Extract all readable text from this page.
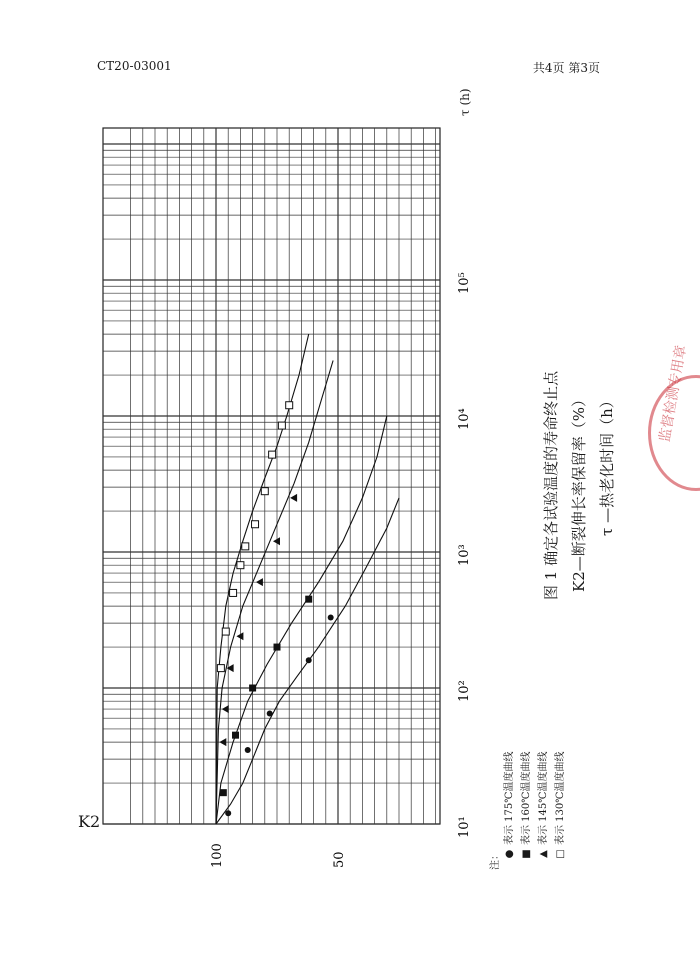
CT20-03001	共4页 第3页
10¹
10²
10³
10⁴
10⁵
100	50
K2
τ (h)
图 1 确定各试验温度的寿命终止点 K2—断裂伸长率保留率（%） τ —热老化时间（h）
注： ●表示 175℃温度曲线
■表示 160℃温度曲线
▲表示 145℃温度曲线
□表示 130℃温度曲线
监督检测专用章
